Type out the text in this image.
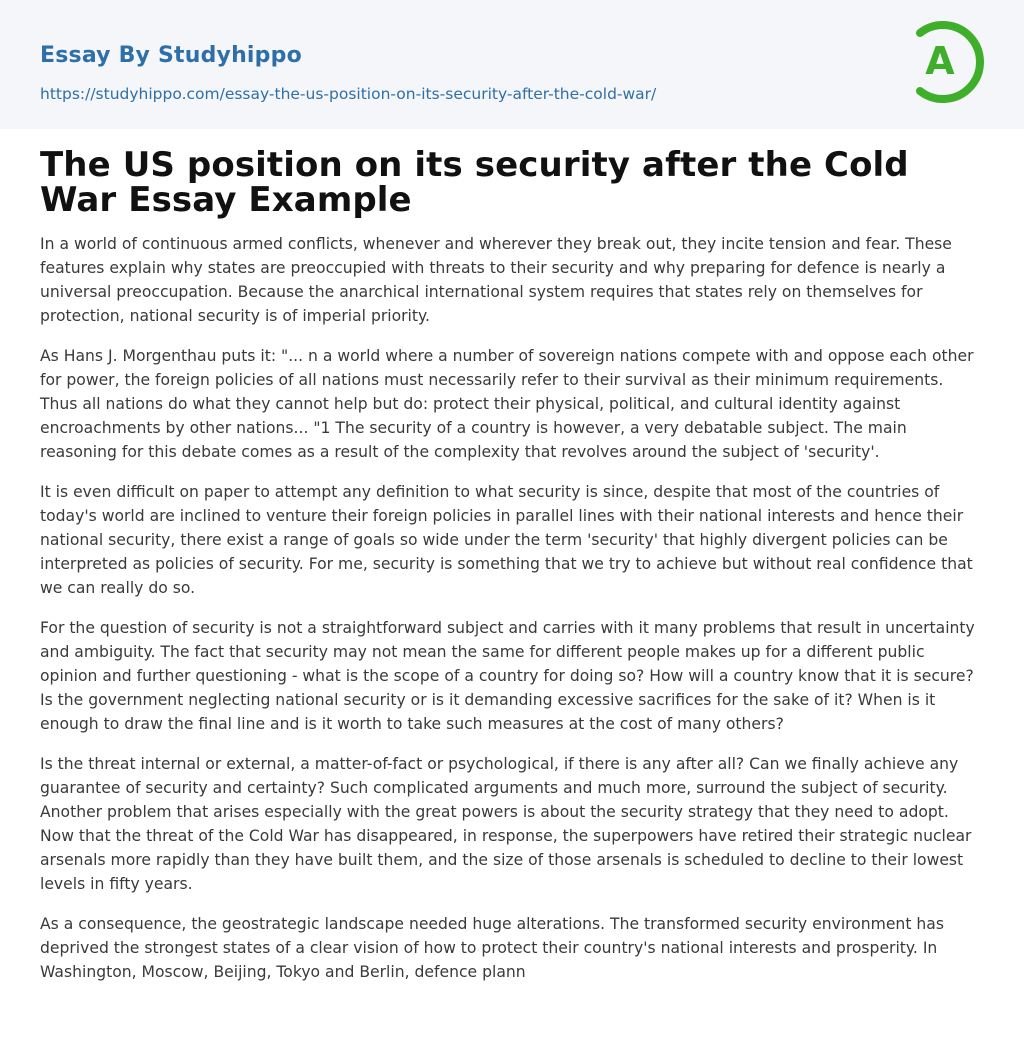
Essay By Studyhippo
https://studyhippo.com/essay-the-us-position-on-its-security-after-the-cold-war/
A
The US position on its security after the Cold War Essay Example

In a world of continuous armed conflicts, whenever and wherever they break out, they incite tension and fear. These features explain why states are preoccupied with threats to their security and why preparing for defence is nearly a universal preoccupation. Because the anarchical international system requires that states rely on themselves for protection, national security is of imperial priority.

As Hans J. Morgenthau puts it: "... n a world where a number of sovereign nations compete with and oppose each other for power, the foreign policies of all nations must necessarily refer to their survival as their minimum requirements. Thus all nations do what they cannot help but do: protect their physical, political, and cultural identity against encroachments by other nations... "1 The security of a country is however, a very debatable subject. The main reasoning for this debate comes as a result of the complexity that revolves around the subject of 'security'.

It is even difficult on paper to attempt any definition to what security is since, despite that most of the countries of today's world are inclined to venture their foreign policies in parallel lines with their national interests and hence their national security, there exist a range of goals so wide under the term 'security' that highly divergent policies can be interpreted as policies of security. For me, security is something that we try to achieve but without real confidence that we can really do so.

For the question of security is not a straightforward subject and carries with it many problems that result in uncertainty and ambiguity. The fact that security may not mean the same for different people makes up for a different public opinion and further questioning - what is the scope of a country for doing so? How will a country know that it is secure? Is the government neglecting national security or is it demanding excessive sacrifices for the sake of it? When is it enough to draw the final line and is it worth to take such measures at the cost of many others?

Is the threat internal or external, a matter-of-fact or psychological, if there is any after all? Can we finally achieve any guarantee of security and certainty? Such complicated arguments and much more, surround the subject of security. Another problem that arises especially with the great powers is about the security strategy that they need to adopt. Now that the threat of the Cold War has disappeared, in response, the superpowers have retired their strategic nuclear arsenals more rapidly than they have built them, and the size of those arsenals is scheduled to decline to their lowest levels in fifty years.

As a consequence, the geostrategic landscape needed huge alterations. The transformed security environment has deprived the strongest states of a clear vision of how to protect their country's national interests and prosperity. In Washington, Moscow, Beijing, Tokyo and Berlin, defence plann
